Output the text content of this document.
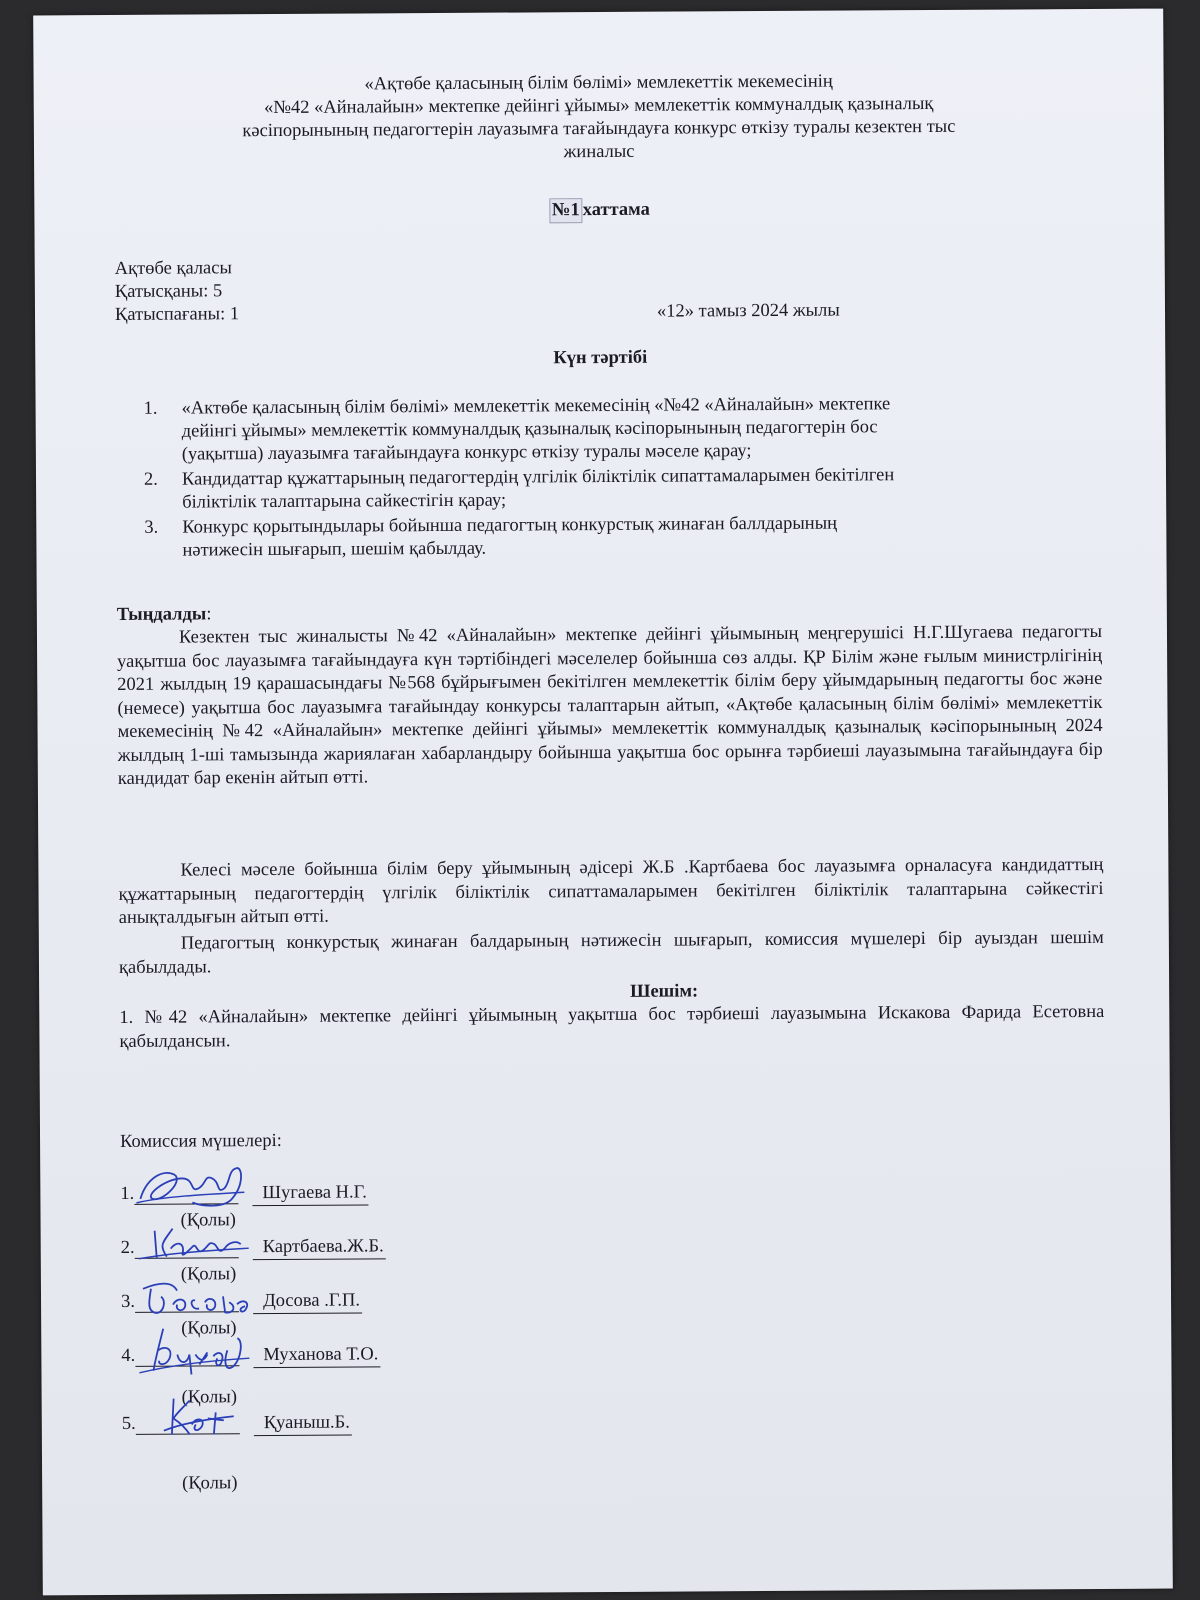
«Ақтөбе қаласының білім бөлімі» мемлекеттік мекемесінің
«№42 «Айналайын» мектепке дейінгі ұйымы» мемлекеттік коммуналдық қазыналық
кәсіпорынының педагогтерін лауазымға тағайындауға конкурс өткізу туралы кезектен тыс
жиналыс
№1 хаттама
Ақтөбе қаласы
Қатысқаны: 5
Қатыспағаны: 1	«12» тамыз 2024 жылы
Күн тәртібі
1.	«Актөбе қаласының білім бөлімі» мемлекеттік мекемесінің «№42 «Айналайын» мектепке
дейінгі ұйымы» мемлекеттік коммуналдық қазыналық кәсіпорынының педагогтерін бос
(уақытша) лауазымға тағайындауға конкурс өткізу туралы мәселе қарау;
2.	Кандидаттар құжаттарының педагогтердің үлгілік біліктілік сипаттамаларымен бекітілген
біліктілік талаптарына сайкестігін қарау;
3.	Конкурс қорытындылары бойынша педагогтың конкурстық жинаған баллдарының
нәтижесін шығарып, шешім қабылдау.
Тыңдалды:
Кезектен тыс жиналысты №42 «Айналайын» мектепке дейінгі ұйымының меңгерушісі Н.Г.Шугаева педагогты уақытша бос лауазымға тағайындауға күн тәртібіндегі мәселелер бойынша сөз алды. ҚР Білім және ғылым министрлігінің 2021 жылдың 19 қарашасындағы №568 бұйрығымен бекітілген мемлекеттік білім беру ұйымдарының педагогты бос және (немесе) уақытша бос лауазымға тағайындау конкурсы талаптарын айтып, «Ақтөбе қаласының білім бөлімі» мемлекеттік мекемесінің №42 «Айналайын» мектепке дейінгі ұйымы» мемлекеттік коммуналдық қазыналық кәсіпорынының 2024 жылдың 1-ші тамызында жариялаған хабарландыру бойынша уақытша бос орынға тәрбиеші лауазымына тағайындауға бір кандидат бар екенін айтып өтті.
Келесі мәселе бойынша білім беру ұйымының әдісері Ж.Б .Картбаева бос лауазымға орналасуға кандидаттың құжаттарының педагогтердің үлгілік біліктілік сипаттамаларымен бекітілген біліктілік талаптарына сәйкестігі анықталдығын айтып өтті.
Педагогтың конкурстық жинаған балдарының нәтижесін шығарып, комиссия мүшелері бір ауыздан шешім қабылдады.
Шешім:
1. №42 «Айналайын» мектепке дейінгі ұйымының уақытша бос тәрбиеші лауазымына Искакова Фарида Есетовна қабылдансын.
Комиссия мүшелері:
1.	Шугаева Н.Г.
(Қолы)
2.	Картбаева.Ж.Б.
(Қолы)
3.	Досова .Г.П.
(Қолы)
4.	Муханова Т.О.
(Қолы)
5.	Қуаныш.Б.
(Қолы)
